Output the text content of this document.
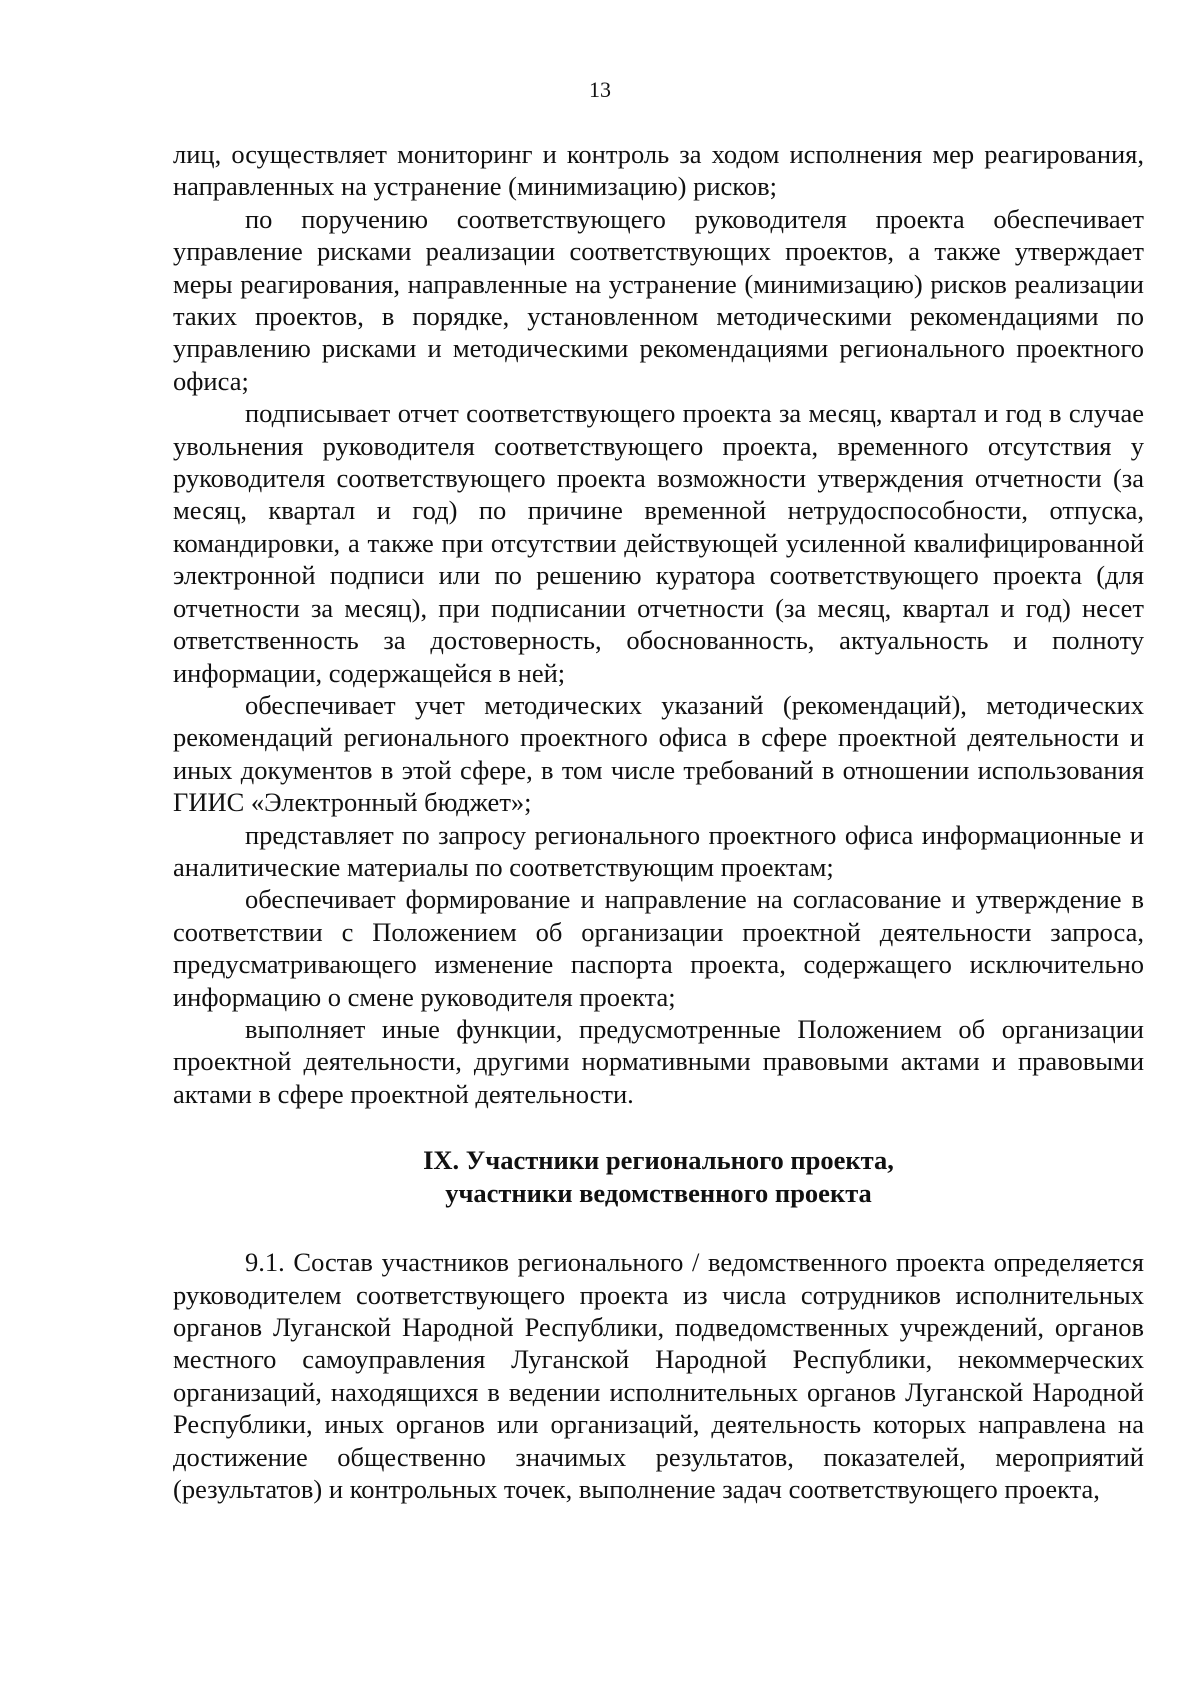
13

лиц, осуществляет мониторинг и контроль за ходом исполнения мер реагирования, направленных на устранение (минимизацию) рисков;

по поручению соответствующего руководителя проекта обеспечивает управление рисками реализации соответствующих проектов, а также утверждает меры реагирования, направленные на устранение (минимизацию) рисков реализации таких проектов, в порядке, установленном методическими рекомендациями по управлению рисками и методическими рекомендациями регионального проектного офиса;

подписывает отчет соответствующего проекта за месяц, квартал и год в случае увольнения руководителя соответствующего проекта, временного отсутствия у руководителя соответствующего проекта возможности утверждения отчетности (за месяц, квартал и год) по причине временной нетрудоспособности, отпуска, командировки, а также при отсутствии действующей усиленной квалифицированной электронной подписи или по решению куратора соответствующего проекта (для отчетности за месяц), при подписании отчетности (за месяц, квартал и год) несет ответственность за достоверность, обоснованность, актуальность и полноту информации, содержащейся в ней;

обеспечивает учет методических указаний (рекомендаций), методических рекомендаций регионального проектного офиса в сфере проектной деятельности и иных документов в этой сфере, в том числе требований в отношении использования ГИИС «Электронный бюджет»;

представляет по запросу регионального проектного офиса информационные и аналитические материалы по соответствующим проектам;

обеспечивает формирование и направление на согласование и утверждение в соответствии с Положением об организации проектной деятельности запроса, предусматривающего изменение паспорта проекта, содержащего исключительно информацию о смене руководителя проекта;

выполняет иные функции, предусмотренные Положением об организации проектной деятельности, другими нормативными правовыми актами и правовыми актами в сфере проектной деятельности.

IX. Участники регионального проекта,
участники ведомственного проекта

9.1. Состав участников регионального / ведомственного проекта определяется руководителем соответствующего проекта из числа сотрудников исполнительных органов Луганской Народной Республики, подведомственных учреждений, органов местного самоуправления Луганской Народной Республики, некоммерческих организаций, находящихся в ведении исполнительных органов Луганской Народной Республики, иных органов или организаций, деятельность которых направлена на достижение общественно значимых результатов, показателей, мероприятий (результатов) и контрольных точек, выполнение задач соответствующего проекта,
